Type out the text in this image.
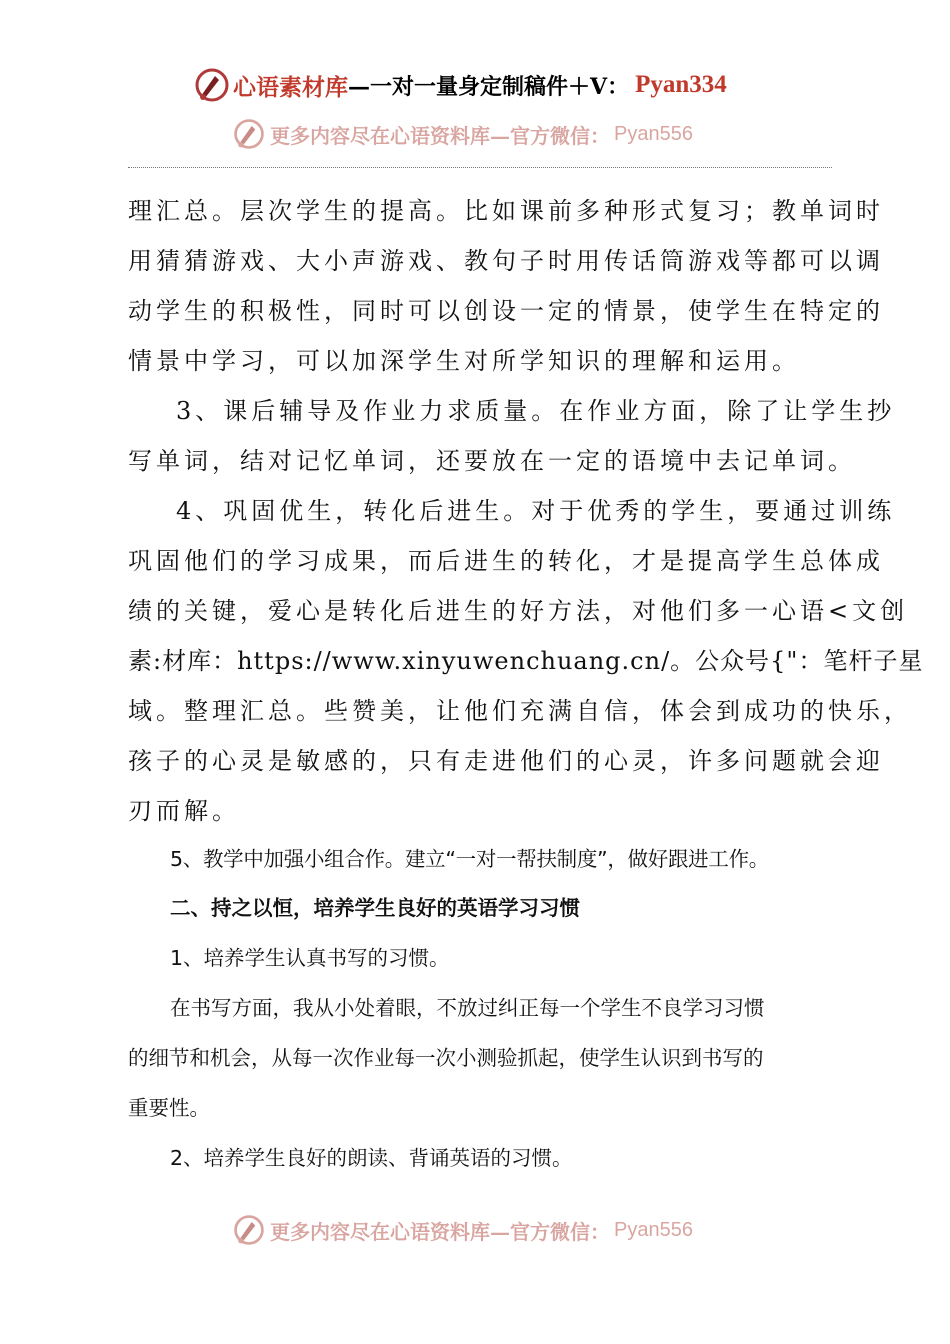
心语素材库 —一对一量身定制稿件＋V： Pyan334
更多内容尽在心语资料库—官方微信： Pyan556

理汇总。层次学生的提高。比如课前多种形式复习；教单词时

用猜猜游戏、大小声游戏、教句子时用传话筒游戏等都可以调

动学生的积极性，同时可以创设一定的情景，使学生在特定的

情景中学习，可以加深学生对所学知识的理解和运用。

3、课后辅导及作业力求质量。在作业方面，除了让学生抄

写单词，结对记忆单词，还要放在一定的语境中去记单词。

4、巩固优生，转化后进生。对于优秀的学生，要通过训练

巩固他们的学习成果，而后进生的转化，才是提高学生总体成

绩的关键，爱心是转化后进生的好方法，对他们多一心语<文创

素:材库：https://www.xinyuwenchuang.cn/。公众号{"：笔杆子星

域。整理汇总。些赞美，让他们充满自信，体会到成功的快乐，

孩子的心灵是敏感的，只有走进他们的心灵，许多问题就会迎

刃而解。

5、教学中加强小组合作。建立“一对一帮扶制度”，做好跟进工作。

二、持之以恒，培养学生良好的英语学习习惯

1、培养学生认真书写的习惯。

在书写方面，我从小处着眼，不放过纠正每一个学生不良学习习惯

的细节和机会，从每一次作业每一次小测验抓起，使学生认识到书写的

重要性。

2、培养学生良好的朗读、背诵英语的习惯。

更多内容尽在心语资料库—官方微信： Pyan556
